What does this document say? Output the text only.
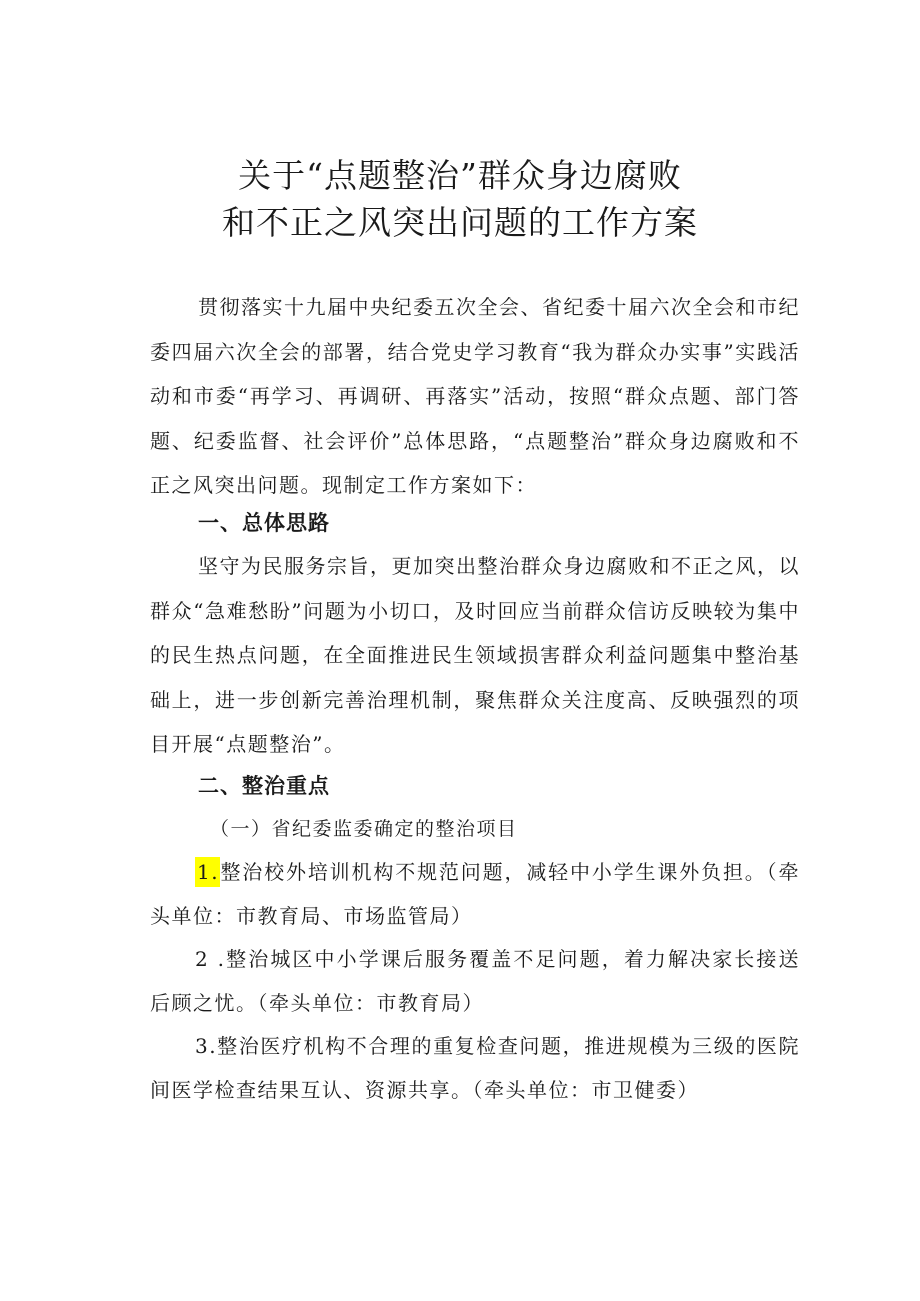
关于“点题整治”群众身边腐败
和不正之风突出问题的工作方案

贯彻落实十九届中央纪委五次全会、省纪委十届六次全会和市纪委四届六次全会的部署，结合党史学习教育“我为群众办实事”实践活动和市委“再学习、再调研、再落实”活动，按照“群众点题、部门答题、纪委监督、社会评价”总体思路，“点题整治”群众身边腐败和不正之风突出问题。现制定工作方案如下：

一、总体思路

坚守为民服务宗旨，更加突出整治群众身边腐败和不正之风，以群众“急难愁盼”问题为小切口，及时回应当前群众信访反映较为集中的民生热点问题，在全面推进民生领域损害群众利益问题集中整治基础上，进一步创新完善治理机制，聚焦群众关注度高、反映强烈的项目开展“点题整治”。

二、整治重点

（一）省纪委监委确定的整治项目

1.整治校外培训机构不规范问题，减轻中小学生课外负担。（牵头单位：市教育局、市场监管局）

2 .整治城区中小学课后服务覆盖不足问题，着力解决家长接送后顾之忧。（牵头单位：市教育局）

3.整治医疗机构不合理的重复检查问题，推进规模为三级的医院间医学检查结果互认、资源共享。（牵头单位：市卫健委）
